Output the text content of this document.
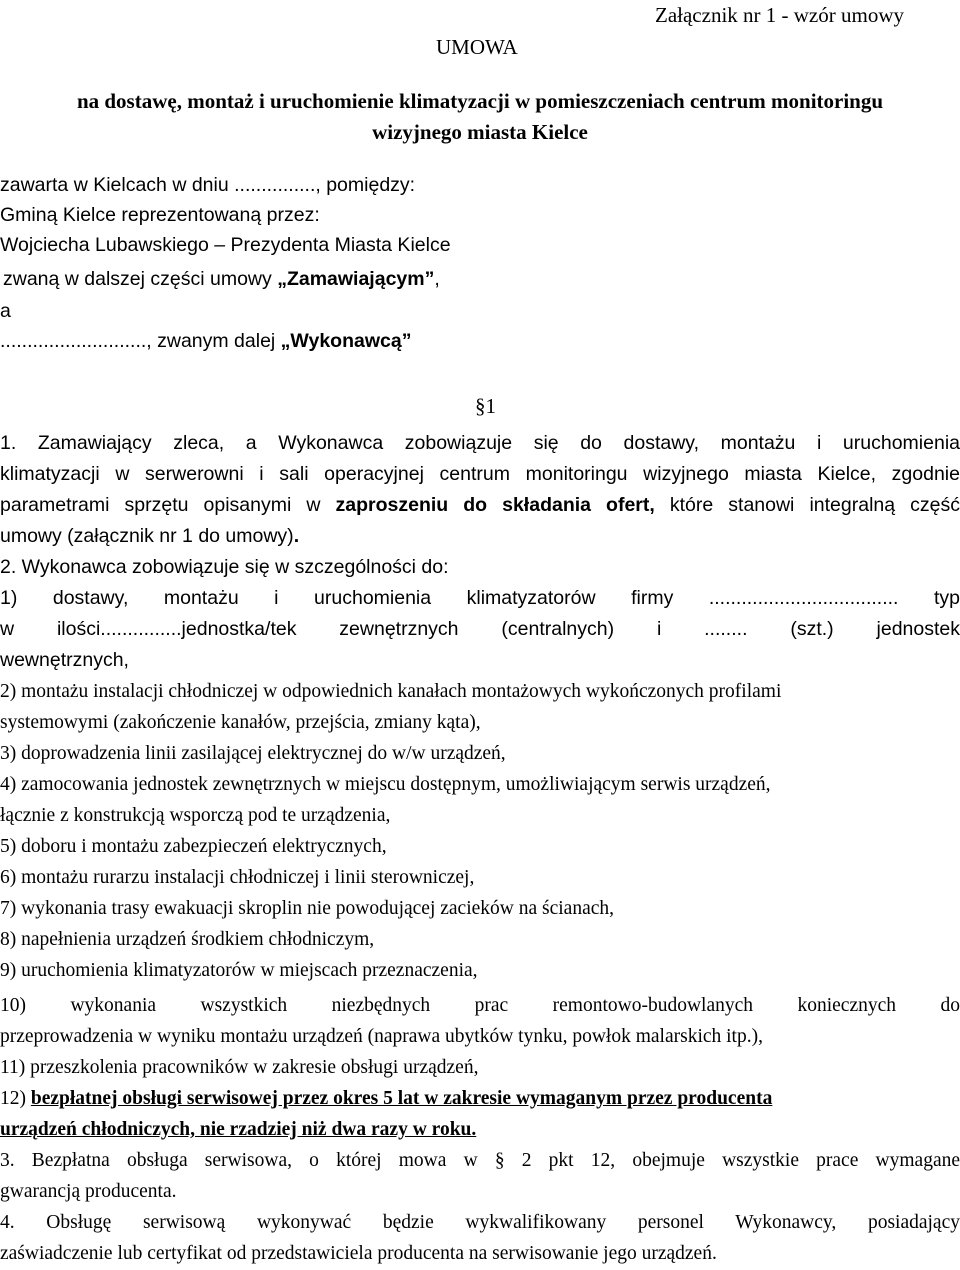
Załącznik nr 1 - wzór umowy
UMOWA
na dostawę, montaż i uruchomienie klimatyzacji w pomieszczeniach centrum monitoringu
wizyjnego miasta Kielce
zawarta w Kielcach w dniu ..............., pomiędzy:
Gminą Kielce reprezentowaną przez:
Wojciecha Lubawskiego – Prezydenta Miasta Kielce
zwaną w dalszej części umowy „Zamawiającym”,
a
..........................., zwanym dalej „Wykonawcą”
§1
1. Zamawiający zleca, a Wykonawca zobowiązuje się do dostawy, montażu i uruchomienia
klimatyzacji w serwerowni i sali operacyjnej centrum monitoringu wizyjnego miasta Kielce, zgodnie
parametrami sprzętu opisanymi w zaproszeniu do składania ofert, które stanowi integralną część
umowy (załącznik nr 1 do umowy).
2. Wykonawca zobowiązuje się w szczególności do:
1) dostawy, montażu i uruchomienia klimatyzatorów firmy ................................... typ
w ilości...............jednostka/tek zewnętrznych (centralnych) i ........ (szt.) jednostek
wewnętrznych,
2) montażu instalacji chłodniczej w odpowiednich kanałach montażowych wykończonych profilami
systemowymi (zakończenie kanałów, przejścia, zmiany kąta),
3) doprowadzenia linii zasilającej elektrycznej do w/w urządzeń,
4) zamocowania jednostek zewnętrznych w miejscu dostępnym, umożliwiającym serwis urządzeń,
łącznie z konstrukcją wsporczą pod te urządzenia,
5) doboru i montażu zabezpieczeń elektrycznych,
6) montażu rurarzu instalacji chłodniczej i linii sterowniczej,
7) wykonania trasy ewakuacji skroplin nie powodującej zacieków na ścianach,
8) napełnienia urządzeń środkiem chłodniczym,
9) uruchomienia klimatyzatorów w miejscach przeznaczenia,
10) wykonania wszystkich niezbędnych prac remontowo-budowlanych koniecznych do
przeprowadzenia w wyniku montażu urządzeń (naprawa ubytków tynku, powłok malarskich itp.),
11) przeszkolenia pracowników w zakresie obsługi urządzeń,
12) bezpłatnej obsługi serwisowej przez okres 5 lat w zakresie wymaganym przez producenta
urządzeń chłodniczych, nie rzadziej niż dwa razy w roku.
3. Bezpłatna obsługa serwisowa, o której mowa w § 2 pkt 12, obejmuje wszystkie prace wymagane
gwarancją producenta.
4. Obsługę serwisową wykonywać będzie wykwalifikowany personel Wykonawcy, posiadający
zaświadczenie lub certyfikat od przedstawiciela producenta na serwisowanie jego urządzeń.
